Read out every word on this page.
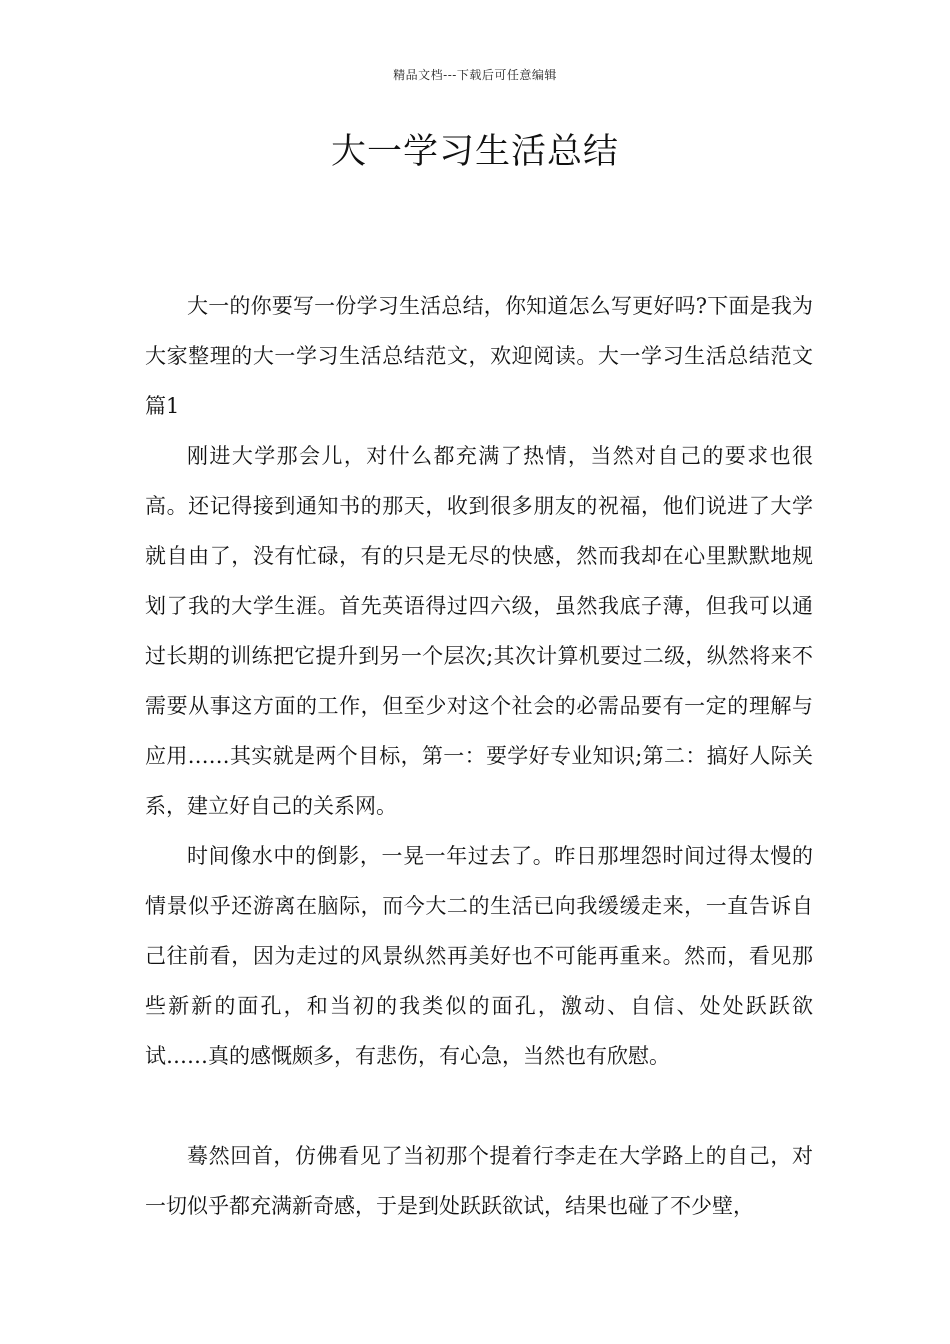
精品文档---下载后可任意编辑
大一学习生活总结

大一的你要写一份学习生活总结，你知道怎么写更好吗?下面是我为大家整理的大一学习生活总结范文，欢迎阅读。大一学习生活总结范文篇1

刚进大学那会儿，对什么都充满了热情，当然对自己的要求也很高。还记得接到通知书的那天，收到很多朋友的祝福，他们说进了大学就自由了，没有忙碌，有的只是无尽的快感，然而我却在心里默默地规划了我的大学生涯。首先英语得过四六级，虽然我底子薄，但我可以通过长期的训练把它提升到另一个层次;其次计算机要过二级，纵然将来不需要从事这方面的工作，但至少对这个社会的必需品要有一定的理解与应用……其实就是两个目标，第一：要学好专业知识;第二：搞好人际关系，建立好自己的关系网。

时间像水中的倒影，一晃一年过去了。昨日那埋怨时间过得太慢的情景似乎还游离在脑际，而今大二的生活已向我缓缓走来，一直告诉自己往前看，因为走过的风景纵然再美好也不可能再重来。然而，看见那些新新的面孔，和当初的我类似的面孔，激动、自信、处处跃跃欲试……真的感慨颇多，有悲伤，有心急，当然也有欣慰。

蓦然回首，仿佛看见了当初那个提着行李走在大学路上的自己，对一切似乎都充满新奇感，于是到处跃跃欲试，结果也碰了不少壁，
